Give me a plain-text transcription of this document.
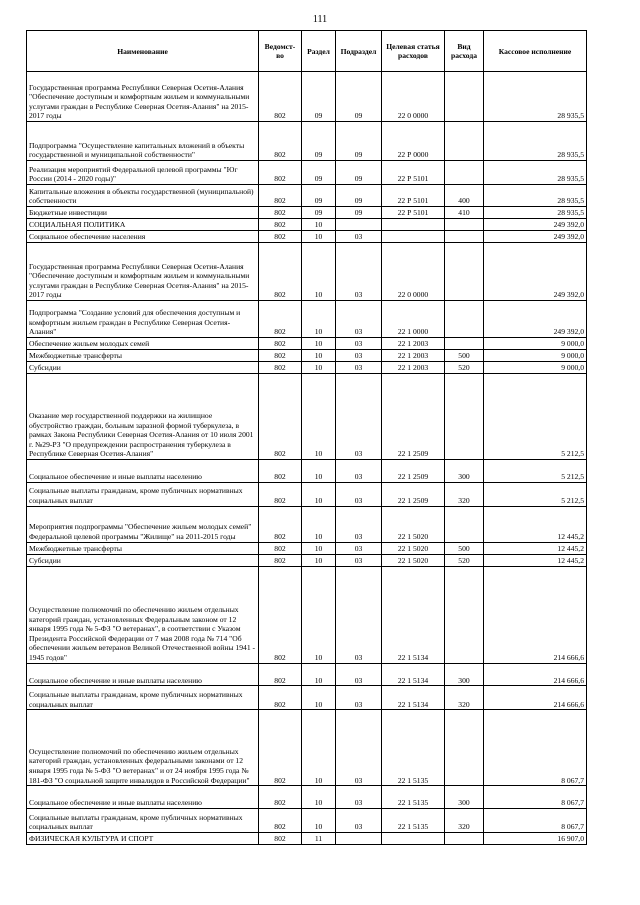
111
Наименование	Ведомст-во	Раздел	Подраздел	Целевая статья расходов	Вид расхода	Кассовое исполнение
Государственная программа Республики Северная Осетия-Алания "Обеспечение доступным и комфортным жильем и коммунальными услугами граждан в Республике Северная Осетия-Алания" на 2015-2017 годы	802	09	09	22 0 0000		28 935,5
Подпрограмма "Осуществление капитальных вложений в объекты государственной и муниципальной собственности"	802	09	09	22 Р 0000		28 935,5
Реализация мероприятий Федеральной целевой программы "Юг России (2014 - 2020 годы)"	802	09	09	22 Р 5101		28 935,5
Капитальные вложения в объекты государственной (муниципальной) собственности	802	09	09	22 Р 5101	400	28 935,5
Бюджетные инвестиции	802	09	09	22 Р 5101	410	28 935,5
СОЦИАЛЬНАЯ ПОЛИТИКА	802	10				249 392,0
Социальное обеспечение населения	802	10	03			249 392,0
Государственная программа Республики Северная Осетия-Алания "Обеспечение доступным и комфортным жильем и коммунальными услугами граждан в Республике Северная Осетия-Алания" на 2015-2017 годы	802	10	03	22 0 0000		249 392,0
Подпрограмма "Создание условий для обеспечения доступным и комфортным жильем граждан в Республике Северная Осетия-Алания"	802	10	03	22 1 0000		249 392,0
Обеспечение жильем молодых семей	802	10	03	22 1 2003		9 000,0
Межбюджетные трансферты	802	10	03	22 1 2003	500	9 000,0
Субсидии	802	10	03	22 1 2003	520	9 000,0

Оказание мер государственной поддержки на жилищное обустройство граждан, больным заразной формой туберкулеза, в рамках Закона Республики Северная Осетия-Алания от 10 июля 2001 г. №29-РЗ "О предупреждении распространения туберкулеза в Республике Северная Осетия-Алания"	802	10	03	22 1 2509		5 212,5

Социальное обеспечение и иные выплаты населению	802	10	03	22 1 2509	300	5 212,5
Социальные выплаты гражданам, кроме публичных нормативных социальных выплат	802	10	03	22 1 2509	320	5 212,5
Мероприятия подпрограммы "Обеспечение жильем молодых семей" Федеральной целевой программы "Жилище" на 2011-2015 годы	802	10	03	22 1 5020		12 445,2
Межбюджетные трансферты	802	10	03	22 1 5020	500	12 445,2
Субсидии	802	10	03	22 1 5020	520	12 445,2

Осуществление полномочий по обеспечению жильем отдельных категорий граждан, установленных Федеральным законом от 12 января 1995 года № 5-ФЗ "О ветеранах", в соответствии с Указом Президента Российской Федерации от 7 мая 2008 года № 714 "Об обеспечении жильем ветеранов Великой Отечественной войны 1941 - 1945 годов"	802	10	03	22 1 5134		214 666,6

Социальное обеспечение и иные выплаты населению	802	10	03	22 1 5134	300	214 666,6
Социальные выплаты гражданам, кроме публичных нормативных социальных выплат	802	10	03	22 1 5134	320	214 666,6

Осуществление полномочий по обеспечению жильем отдельных категорий граждан, установленных федеральными законами от 12 января 1995 года № 5-ФЗ "О ветеранах" и от 24 ноября 1995 года № 181-ФЗ "О социальной защите инвалидов в Российской Федерации"	802	10	03	22 1 5135		8 067,7

Социальное обеспечение и иные выплаты населению	802	10	03	22 1 5135	300	8 067,7
Социальные выплаты гражданам, кроме публичных нормативных социальных выплат	802	10	03	22 1 5135	320	8 067,7
ФИЗИЧЕСКАЯ КУЛЬТУРА И СПОРТ	802	11				16 907,0
